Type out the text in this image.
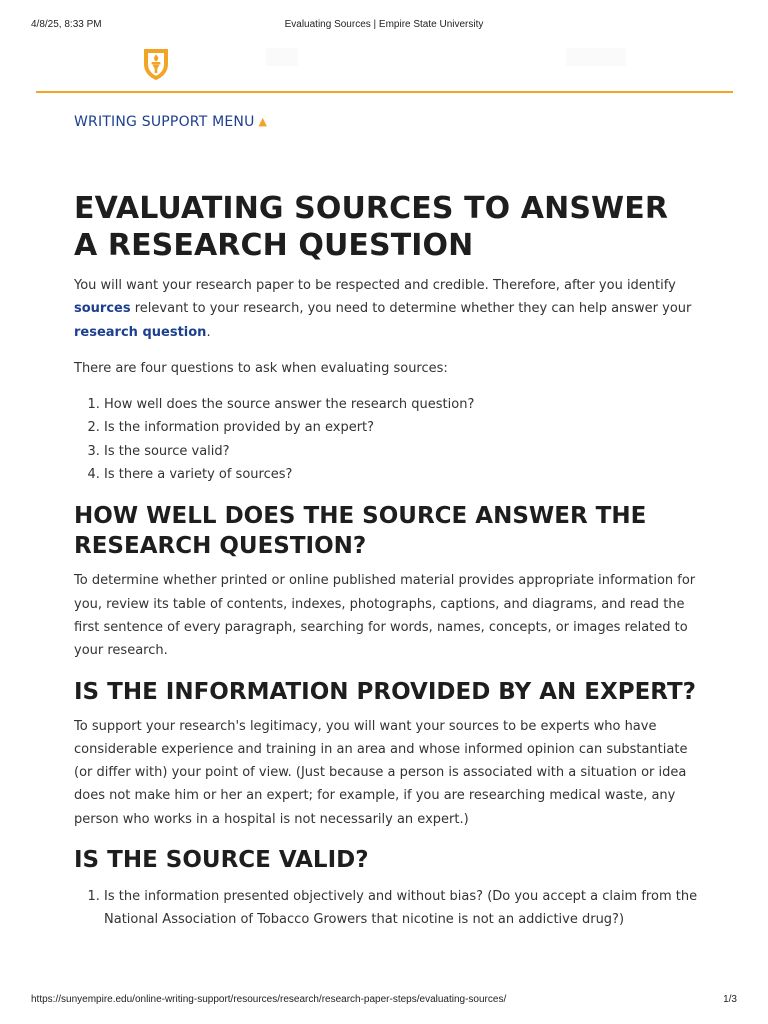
4/8/25, 8:33 PM	Evaluating Sources | Empire State University
WRITING SUPPORT MENU ▲
EVALUATING SOURCES TO ANSWER A RESEARCH QUESTION

You will want your research paper to be respected and credible. Therefore, after you identify sources relevant to your research, you need to determine whether they can help answer your research question.

There are four questions to ask when evaluating sources:

1. How well does the source answer the research question?
2. Is the information provided by an expert?
3. Is the source valid?
4. Is there a variety of sources?
HOW WELL DOES THE SOURCE ANSWER THE RESEARCH QUESTION?

To determine whether printed or online published material provides appropriate information for you, review its table of contents, indexes, photographs, captions, and diagrams, and read the first sentence of every paragraph, searching for words, names, concepts, or images related to your research.

IS THE INFORMATION PROVIDED BY AN EXPERT?

To support your research's legitimacy, you will want your sources to be experts who have considerable experience and training in an area and whose informed opinion can substantiate (or differ with) your point of view. (Just because a person is associated with a situation or idea does not make him or her an expert; for example, if you are researching medical waste, any person who works in a hospital is not necessarily an expert.)

IS THE SOURCE VALID?
1. Is the information presented objectively and without bias? (Do you accept a claim from the National Association of Tobacco Growers that nicotine is not an addictive drug?)
https://sunyempire.edu/online-writing-support/resources/research/research-paper-steps/evaluating-sources/	1/3
